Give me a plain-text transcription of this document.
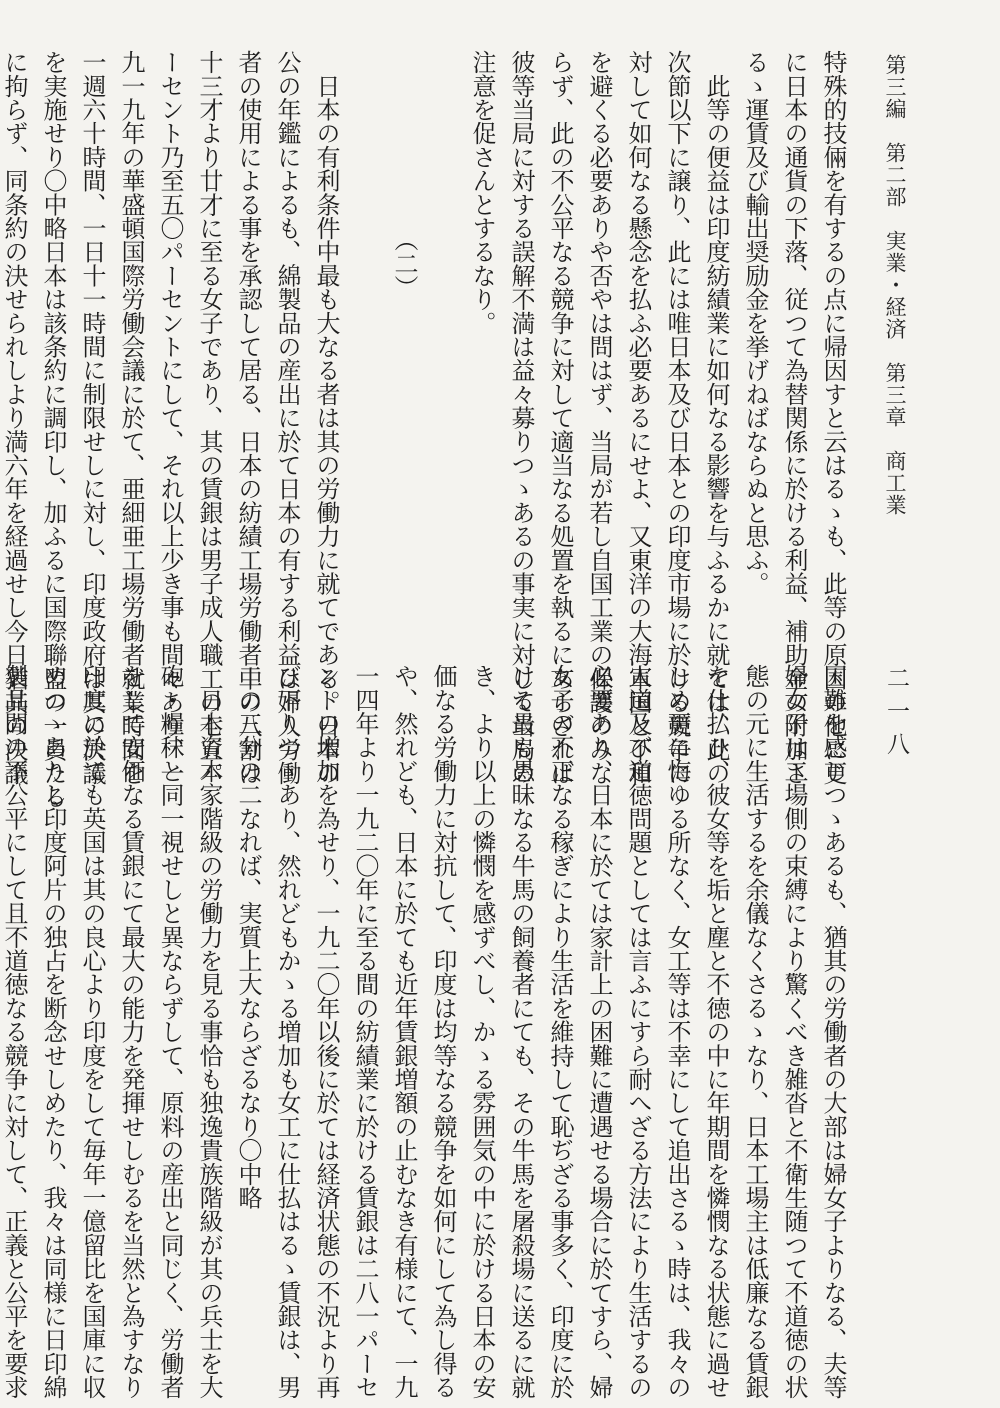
第三編　第二部　実業・経済　第三章　商工業
二一八
特殊的技倆を有するの点に帰因すと云はるゝも、此等の原因の他に更
に日本の通貨の下落、従つて為替関係に於ける利益、補助金の附加さ
るゝ運賃及び輸出奨励金を挙げねばならぬと思ふ。
　此等の便益は印度紡績業に如何なる影響を与ふるかに就ては、此の
次節以下に譲り、此には唯日本及び日本との印度市場に於ける競争に
対して如何なる懸念を払ふ必要あるにせよ、又東洋の大海軍国と不和
を避くる必要ありや否やは問はず、当局が若し自国工業の保護のみな
らず、此の不公平なる競争に対して適当なる処置を執るにあらざれば
彼等当局に対する誤解不満は益々募りつゝあるの事実に対して当局の
注意を促さんとするなり。

　　　　　　　　（二）

　日本の有利条件中最も大なる者は其の労働力に就てである。日本の
公の年鑑によるも、綿製品の産出に於て日本の有する利益は婦人労働
者の使用による事を承認して居る、日本の紡績工場労働者中の八割は
十三才より廿才に至る女子であり、其の賃銀は男子成人職工の七五パ
ーセント乃至五〇パーセントにして、それ以上少き事も間々あり、一
九一九年の華盛頓国際労働会議に於て、亜細亜工場労働者就業時間を
一週六十時間、一日十一時間に制限せしに対し、印度政府は其の決議
を実施せり〇中略日本は該条約に調印し、加ふるに国際聯盟の一員たる
に拘らず、同条約の決せられしより満六年を経過せし今日猶其の決議
困難を感じつゝあるも、猶其の労働者の大部は婦女子よりなる、夫等
婦女子は工場側の束縛により驚くべき雑沓と不衛生随つて不道徳の状
態の元に生活するを余儀なくさるゝなり、日本工場主は低廉なる賃銀
を仕払ひ、彼女等を垢と塵と不徳の中に年期間を憐憫なる状態に過せ
しめ更に悔ゆる所なく、女工等は不幸にして追出さるゝ時は、我々の
人道及び道徳問題としては言ふにすら耐へざる方法により生活するの
必要あり、日本に於ては家計上の困難に遭遇せる場合に於てすら、婦
女子の不正なる稼ぎにより生活を維持して恥ぢざる事多く、印度に於
ける最も愚昧なる牛馬の飼養者にても、その牛馬を屠殺場に送るに就
き、より以上の憐憫を感ずべし、かゝる雰囲気の中に於ける日本の安
価なる労働力に対抗して、印度は均等なる競争を如何にして為し得る
や、然れども、日本に於ても近年賃銀増額の止むなき有様にて、一九
一四年より一九二〇年に至る間の紡績業に於ける賃銀は二八一パーセ
ントの増加を為せり、一九二〇年以後に於ては経済状態の不況より再
び下りつゝあり、然れどもかゝる増加も女工に仕払はるゝ賃銀は、男
工の三分の二なれば、実質上大ならざるなり〇中略
　日本資本家階級の労働力を見る事恰も独逸貴族階級が其の兵士を大
砲・糧秣と同一視せしと異ならずして、原料の産出と同じく、労働者
をして安価なる賃銀にて最大の能力を発揮せしむるを当然と為すなり
印度に於ても英国は其の良心より印度をして毎年一億留比を国庫に収
めつゝありし印度阿片の独占を断念せしめたり、我々は同様に日印綿
製品間の不公平にして且不道徳なる競争に対して、正義と公平を要求
